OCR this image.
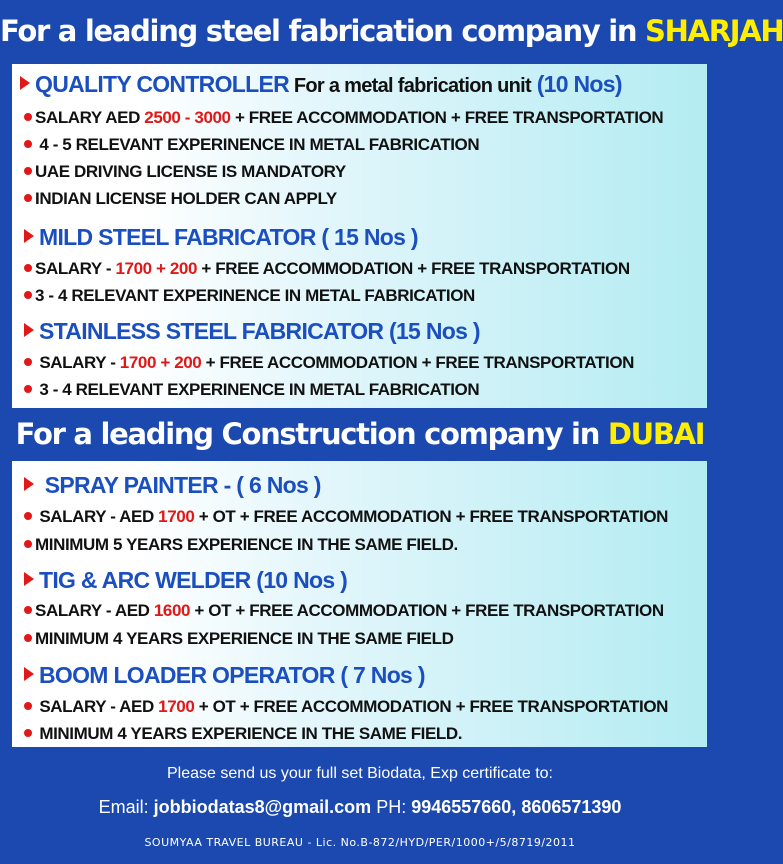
For a leading steel fabrication company in SHARJAH
QUALITY CONTROLLER For a metal fabrication unit (10 Nos)
SALARY AED 2500 - 3000 + FREE ACCOMMODATION + FREE TRANSPORTATION
4 - 5 RELEVANT EXPERINENCE IN METAL FABRICATION
UAE DRIVING LICENSE IS MANDATORY
INDIAN LICENSE HOLDER CAN APPLY
MILD STEEL FABRICATOR ( 15 Nos )
SALARY - 1700 + 200 + FREE ACCOMMODATION + FREE TRANSPORTATION
3 - 4 RELEVANT EXPERINENCE IN METAL FABRICATION
STAINLESS STEEL FABRICATOR (15 Nos )
SALARY - 1700 + 200 + FREE ACCOMMODATION + FREE TRANSPORTATION
3 - 4 RELEVANT EXPERINENCE IN METAL FABRICATION
For a leading Construction company in DUBAI
SPRAY PAINTER - ( 6 Nos )
SALARY - AED 1700 + OT + FREE ACCOMMODATION + FREE TRANSPORTATION
MINIMUM 5 YEARS EXPERIENCE IN THE SAME FIELD.
TIG & ARC WELDER (10 Nos )
SALARY - AED 1600 + OT + FREE ACCOMMODATION + FREE TRANSPORTATION
MINIMUM 4 YEARS EXPERIENCE IN THE SAME FIELD
BOOM LOADER OPERATOR ( 7 Nos )
SALARY - AED 1700 + OT + FREE ACCOMMODATION + FREE TRANSPORTATION
MINIMUM 4 YEARS EXPERIENCE IN THE SAME FIELD.
Please send us your full set Biodata, Exp certificate to:
Email: jobbiodatas8@gmail.com PH: 9946557660, 8606571390
SOUMYAA TRAVEL BUREAU - Lic. No.B-872/HYD/PER/1000+/5/8719/2011
